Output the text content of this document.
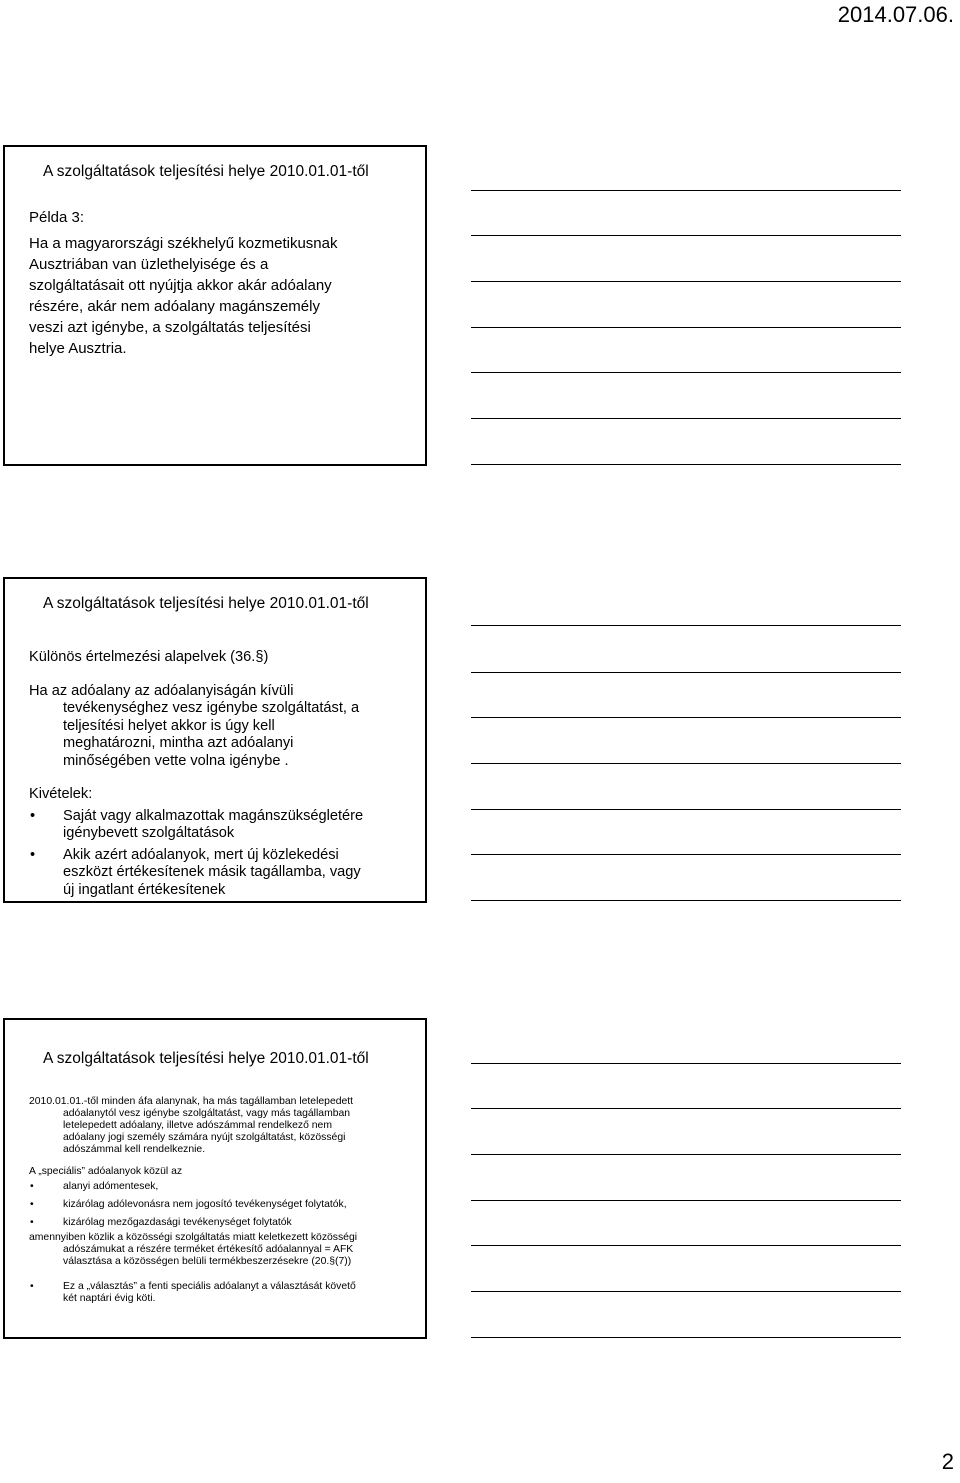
2014.07.06.
A szolgáltatások teljesítési helye 2010.01.01-től
Példa 3:
Ha a magyarországi székhelyű kozmetikusnak
Ausztriában van üzlethelyisége és a
szolgáltatásait ott nyújtja akkor akár adóalany
részére, akár nem adóalany magánszemély
veszi azt igénybe, a szolgáltatás teljesítési
helye Ausztria.
A szolgáltatások teljesítési helye 2010.01.01-től
Különös értelmezési alapelvek (36.§)
Ha az adóalany az adóalanyiságán kívüli
tevékenységhez vesz igénybe szolgáltatást, a
teljesítési helyet akkor is úgy kell
meghatározni, mintha azt adóalanyi
minőségében vette volna igénybe .
Kivételek:
• Saját vagy alkalmazottak magánszükségletére
igénybevett szolgáltatások
• Akik azért adóalanyok, mert új közlekedési
eszközt értékesítenek másik tagállamba, vagy
új ingatlant értékesítenek
A szolgáltatások teljesítési helye 2010.01.01-től
2010.01.01.-től minden áfa alanynak, ha más tagállamban letelepedett
adóalanytól vesz igénybe szolgáltatást, vagy más tagállamban
letelepedett adóalany, illetve adószámmal rendelkező nem
adóalany jogi személy számára nyújt szolgáltatást, közösségi
adószámmal kell rendelkeznie.
A „speciális” adóalanyok közül az
•	alanyi adómentesek,
•	kizárólag adólevonásra nem jogosító tevékenységet folytatók,
•	kizárólag mezőgazdasági tevékenységet folytatók
amennyiben közlik a közösségi szolgáltatás miatt keletkezett közösségi
adószámukat a részére terméket értékesítő adóalannyal = AFK
választása a közösségen belüli termékbeszerzésekre (20.§(7))
•	Ez a „választás” a fenti speciális adóalanyt a választását követő
két naptári évig köti.
2
